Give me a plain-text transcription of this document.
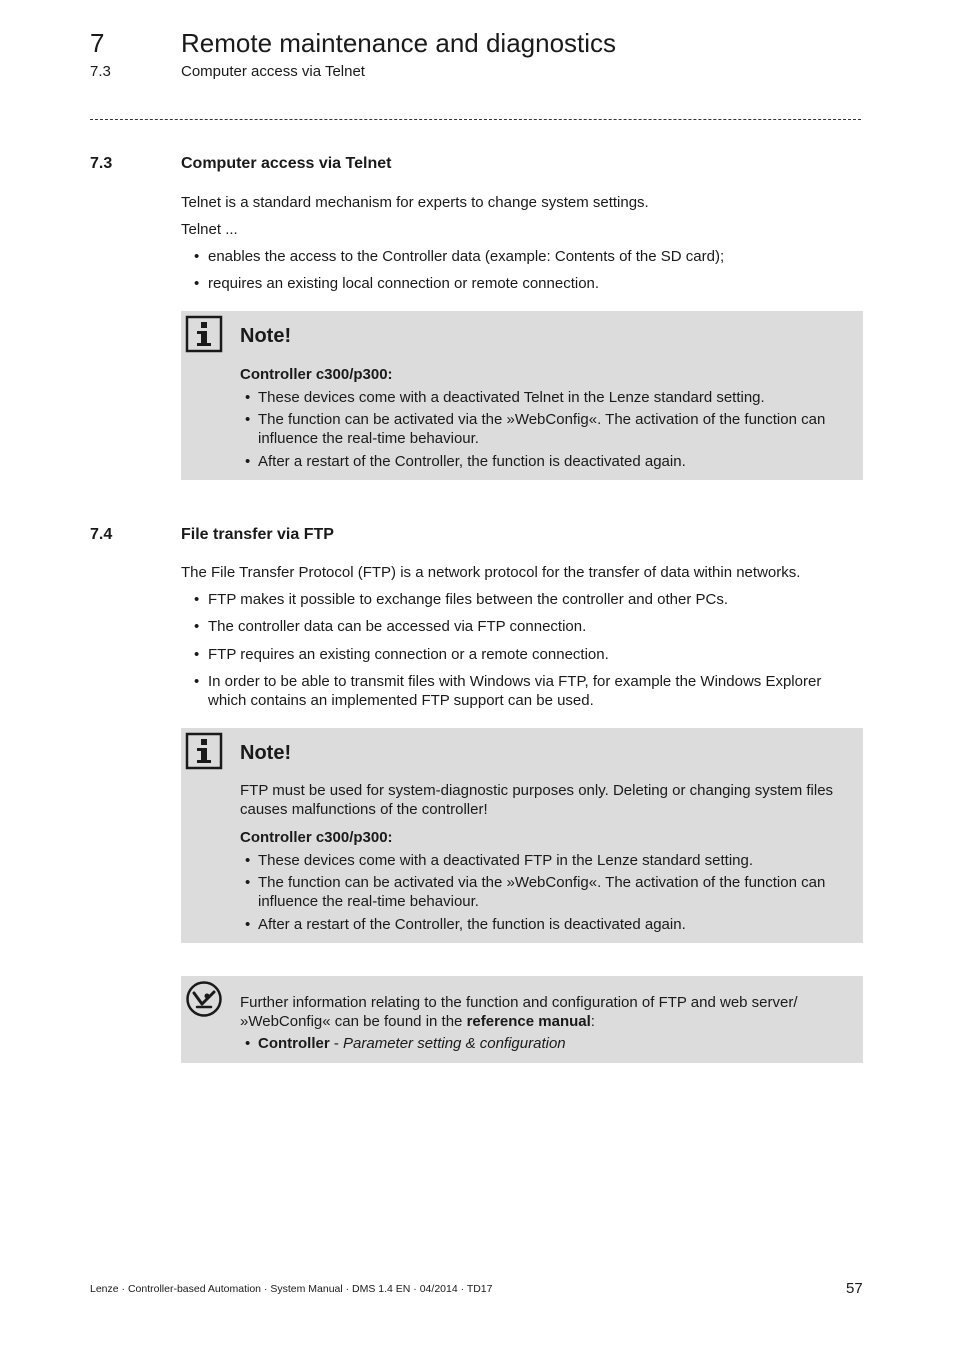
7	Remote maintenance and diagnostics
7.3	Computer access via Telnet
7.3	Computer access via Telnet
Telnet is a standard mechanism for experts to change system settings.
Telnet ...
• enables the access to the Controller data (example: Contents of the SD card);
• requires an existing local connection or remote connection.
Note!
Controller c300/p300:
• These devices come with a deactivated Telnet in the Lenze standard setting.
• The function can be activated via the »WebConfig«. The activation of the function can influence the real-time behaviour.
• After a restart of the Controller, the function is deactivated again.
7.4	File transfer via FTP
The File Transfer Protocol (FTP) is a network protocol for the transfer of data within networks.
• FTP makes it possible to exchange files between the controller and other PCs.
• The controller data can be accessed via FTP connection.
• FTP requires an existing connection or a remote connection.
• In order to be able to transmit files with Windows via FTP, for example the Windows Explorer which contains an implemented FTP support can be used.
Note!
FTP must be used for system-diagnostic purposes only. Deleting or changing system files causes malfunctions of the controller!
Controller c300/p300:
• These devices come with a deactivated FTP in the Lenze standard setting.
• The function can be activated via the »WebConfig«. The activation of the function can influence the real-time behaviour.
• After a restart of the Controller, the function is deactivated again.
Further information relating to the function and configuration of FTP and web server/ »WebConfig« can be found in the reference manual:
• Controller - Parameter setting & configuration
Lenze · Controller-based Automation · System Manual · DMS 1.4 EN · 04/2014 · TD17	57
